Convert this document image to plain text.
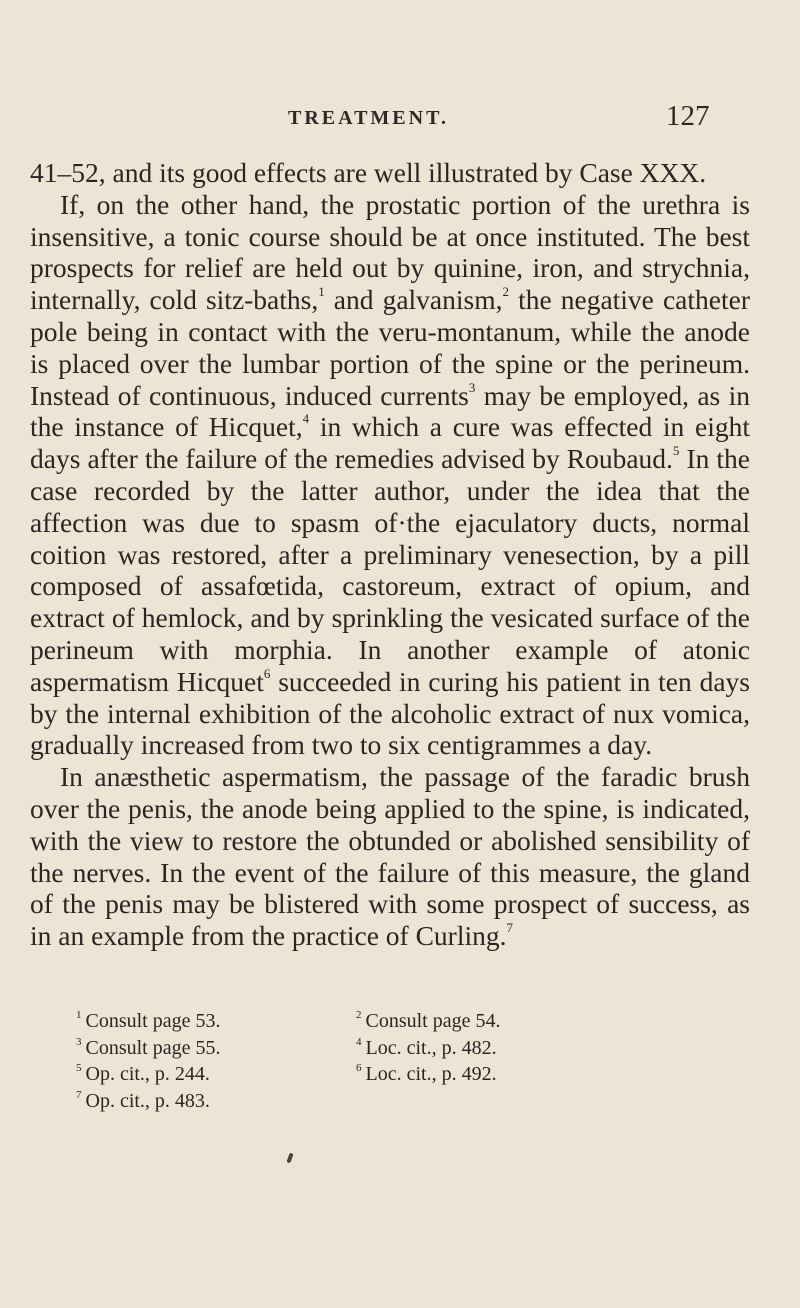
TREATMENT.	127

41–52, and its good effects are well illustrated by Case XXX.

If, on the other hand, the prostatic portion of the urethra is insensitive, a tonic course should be at once instituted. The best prospects for relief are held out by quinine, iron, and strychnia, internally, cold sitz-baths,$^1$ and galvanism,$^2$ the negative catheter pole being in contact with the veru-montanum, while the anode is placed over the lumbar portion of the spine or the perineum. Instead of continuous, induced currents$^3$ may be employed, as in the instance of Hicquet,$^4$ in which a cure was effected in eight days after the failure of the remedies advised by Roubaud.$^5$ In the case recorded by the latter author, under the idea that the affection was due to spasm of·the ejaculatory ducts, normal coition was restored, after a preliminary venesection, by a pill composed of assafœtida, castoreum, extract of opium, and extract of hemlock, and by sprinkling the vesicated surface of the perineum with morphia. In another example of atonic aspermatism Hicquet$^6$ succeeded in curing his patient in ten days by the internal exhibition of the alcoholic extract of nux vomica, gradually increased from two to six centigrammes a day.

In anæsthetic aspermatism, the passage of the faradic brush over the penis, the anode being applied to the spine, is indicated, with the view to restore the obtunded or abolished sensibility of the nerves. In the event of the failure of this measure, the gland of the penis may be blistered with some prospect of success, as in an example from the practice of Curling.$^7$

$^1$ Consult page 53.	$^2$ Consult page 54.
$^3$ Consult page 55.	$^4$ Loc. cit., p. 482.
$^5$ Op. cit., p. 244.	$^6$ Loc. cit., p. 492.
$^7$ Op. cit., p. 483.
